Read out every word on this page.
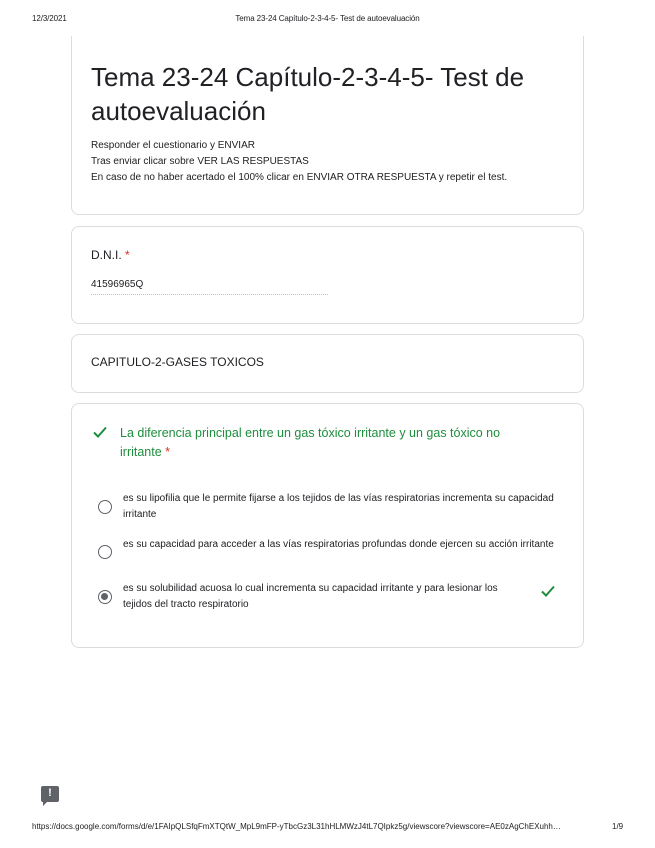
12/3/2021	Tema 23-24 Capítulo-2-3-4-5- Test de autoevaluación
Tema 23-24 Capítulo-2-3-4-5- Test de autoevaluación
Responder el cuestionario y ENVIAR
Tras enviar clicar sobre VER LAS RESPUESTAS
En caso de no haber acertado el 100% clicar en ENVIAR OTRA RESPUESTA y repetir el test.
D.N.I. *
41596965Q
CAPITULO-2-GASES TOXICOS
La diferencia principal entre un gas tóxico irritante y un gas tóxico no irritante *
es su lipofilia que le permite fijarse a los tejidos de las vías respiratorias incrementa su capacidad irritante
es su capacidad para acceder a las vías respiratorias profundas donde ejercen su acción irritante
es su solubilidad acuosa lo cual incrementa su capacidad irritante y para lesionar los tejidos del tracto respiratorio
!
https://docs.google.com/forms/d/e/1FAIpQLSfqFmXTQtW_MpL9mFP-yTbcGz3L31hHLMWzJ4tL7QIpkz5g/viewscore?viewscore=AE0zAgChEXuhh…	1/9
